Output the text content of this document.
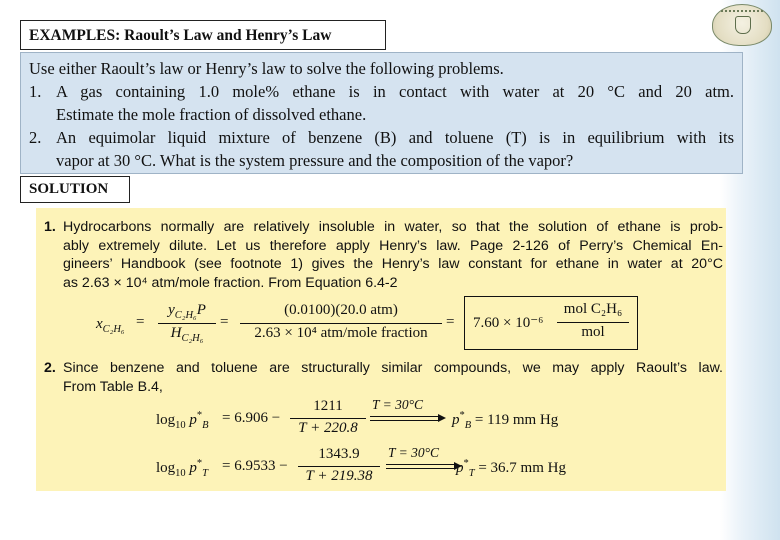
EXAMPLES: Raoult’s Law and Henry’s Law

Use either Raoult’s law or Henry’s law to solve the following problems.

1. A gas containing 1.0 mole% ethane is in contact with water at 20 °C and 20 atm.
Estimate the mole fraction of dissolved ethane.
2. An equimolar liquid mixture of benzene (B) and toluene (T) is in equilibrium with its
vapor at 30 °C. What is the system pressure and the composition of the vapor?
SOLUTION
1. Hydrocarbons normally are relatively insoluble in water, so that the solution of ethane is prob-
ably extremely dilute. Let us therefore apply Henry’s law. Page 2-126 of Perry’s Chemical En-
gineers’ Handbook (see footnote 1) gives the Henry’s law constant for ethane in water at 20°C
as 2.63 × 10⁴ atm/mole fraction. From Equation 6.4-2
$x_{C_2H_6}$ =
$y_{C_2H_6}P$
$H_{C_2H_6}$
=
(0.0100)(20.0 atm)
2.63 × 10⁴ atm/mole fraction
= 7.60 × 10⁻⁶
mol C₂H₆
mol
2. Since benzene and toluene are structurally similar compounds, we may apply Raoult’s law.
From Table B.4,
$\log_{10} p^*_B = 6.906$ −
1211
T + 220.8
T = 30°C
$p^*_B = 119$ mm Hg
$\log_{10} p^*_T = 6.9533$ −
1343.9
T + 219.38
T = 30°C
$p^*_T = 36.7$ mm Hg
